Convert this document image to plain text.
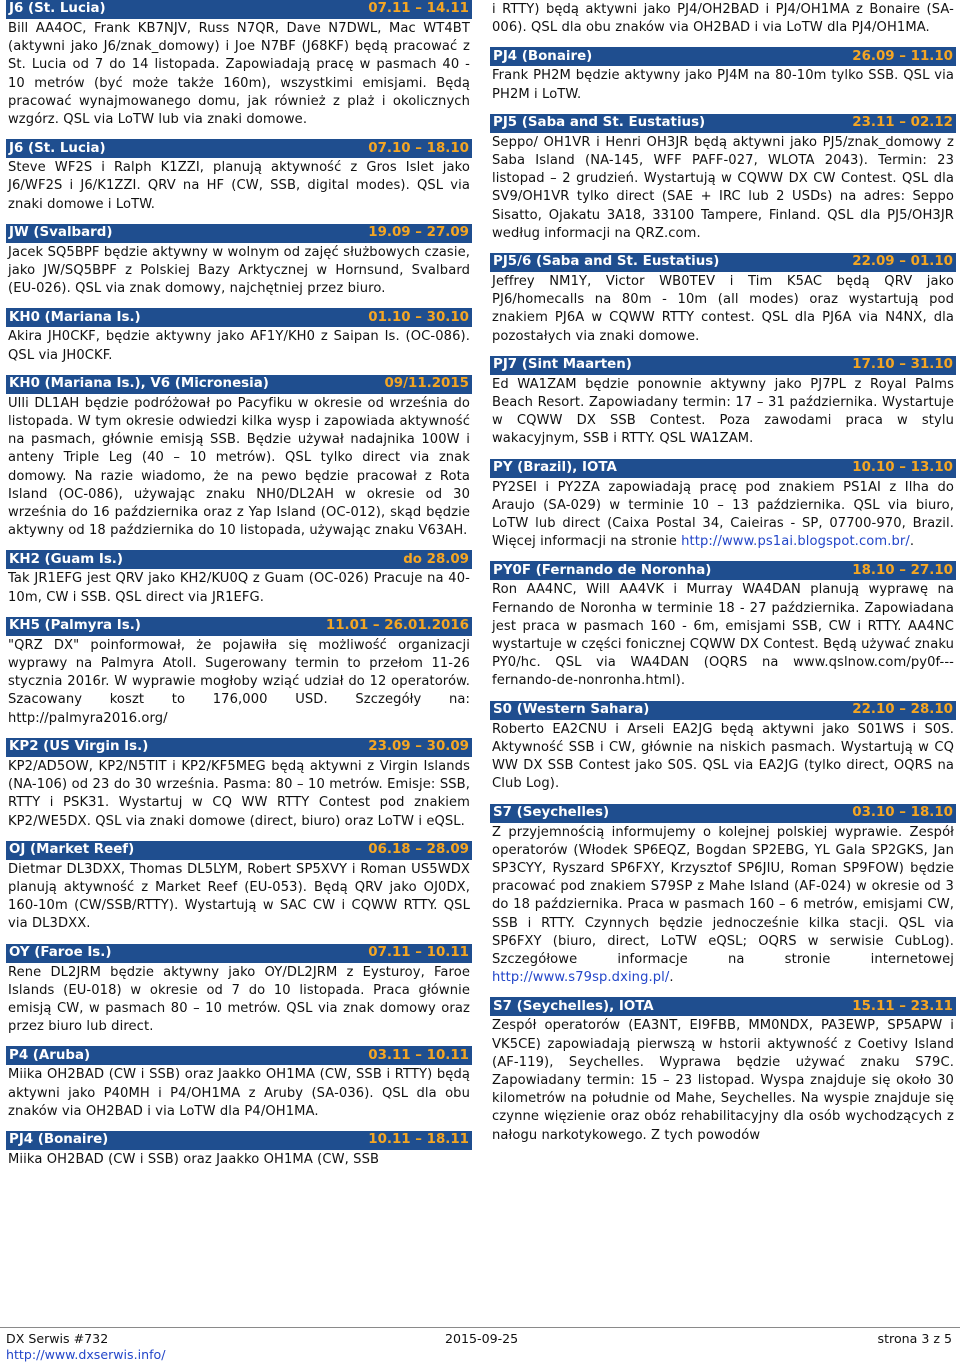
J6 (St. Lucia)	07.11 – 14.11
Bill AA4OC, Frank KB7NJV, Russ N7QR, Dave N7DWL, Mac WT4BT (aktywni jako J6/znak_domowy) i Joe N7BF (J68KF) będą pracować z St. Lucia od 7 do 14 listopada. Zapowiadają pracę w pasmach 40 - 10 metrów (być może także 160m), wszystkimi emisjami. Będą pracować wynajmowanego domu, jak również z plaż i okolicznych wzgórz. QSL via LoTW lub via znaki domowe.
J6 (St. Lucia)	07.10 – 18.10
Steve WF2S i Ralph K1ZZI, planują aktywność z Gros Islet jako J6/WF2S i J6/K1ZZI. QRV na HF (CW, SSB, digital modes). QSL via znaki domowe i LoTW.
JW (Svalbard)	19.09 – 27.09
Jacek SQ5BPF będzie aktywny w wolnym od zajęć służbowych czasie, jako JW/SQ5BPF z Polskiej Bazy Arktycznej w Hornsund, Svalbard (EU-026). QSL via znak domowy, najchętniej przez biuro.
KH0 (Mariana Is.)	01.10 – 30.10
Akira JH0CKF, będzie aktywny jako AF1Y/KH0 z Saipan Is. (OC-086). QSL via JH0CKF.
KH0 (Mariana Is.), V6 (Micronesia)	09/11.2015
Ulli DL1AH będzie podróżował po Pacyfiku w okresie od września do listopada. W tym okresie odwiedzi kilka wysp i zapowiada aktywność na pasmach, głównie emisją SSB. Będzie używał nadajnika 100W i anteny Triple Leg (40 – 10 metrów). QSL tylko direct via znak domowy. Na razie wiadomo, że na pewo będzie pracował z Rota Island (OC-086), używając znaku NH0/DL2AH w okresie od 30 września do 16 października oraz z Yap Island (OC-012), skąd będzie aktywny od 18 października do 10 listopada, używając znaku V63AH.
KH2 (Guam Is.)	do 28.09
Tak JR1EFG jest QRV jako KH2/KU0Q z Guam (OC-026) Pracuje na 40-10m, CW i SSB. QSL direct via JR1EFG.
KH5 (Palmyra Is.)	11.01 – 26.01.2016
"QRZ DX" poinformował, że pojawiła się możliwość organizacji wyprawy na Palmyra Atoll. Sugerowany termin to przełom 11-26 stycznia 2016r. W wyprawie mogłoby wziąć udział do 12 operatorów. Szacowany koszt to 176,000 USD. Szczegóły na: http://palmyra2016.org/
KP2 (US Virgin Is.)	23.09 – 30.09
KP2/AD5OW, KP2/N5TIT i KP2/KF5MEG będą aktywni z Virgin Islands (NA-106) od 23 do 30 września. Pasma: 80 – 10 metrów. Emisje: SSB, RTTY i PSK31. Wystartuj w CQ WW RTTY Contest pod znakiem KP2/WE5DX. QSL via znaki domowe (direct, biuro) oraz LoTW i eQSL.
OJ (Market Reef)	06.18 – 28.09
Dietmar DL3DXX, Thomas DL5LYM, Robert SP5XVY i Roman US5WDX planują aktywność z Market Reef (EU-053). Będą QRV jako OJ0DX, 160-10m (CW/SSB/RTTY). Wystartują w SAC CW i CQWW RTTY. QSL via DL3DXX.
OY (Faroe Is.)	07.11 – 10.11
Rene DL2JRM będzie aktywny jako OY/DL2JRM z Eysturoy, Faroe Islands (EU-018) w okresie od 7 do 10 listopada. Praca głównie emisją CW, w pasmach 80 – 10 metrów. QSL via znak domowy oraz przez biuro lub direct.
P4 (Aruba)	03.11 – 10.11
Miika OH2BAD (CW i SSB) oraz Jaakko OH1MA (CW, SSB i RTTY) będą aktywni jako P40MH i P4/OH1MA z Aruby (SA-036). QSL dla obu znaków via OH2BAD i via LoTW dla P4/OH1MA.
PJ4 (Bonaire)	10.11 – 18.11
Miika OH2BAD (CW i SSB) oraz Jaakko OH1MA (CW, SSB
i RTTY) będą aktywni jako PJ4/OH2BAD i PJ4/OH1MA z Bonaire (SA-006). QSL dla obu znaków via OH2BAD i via LoTW dla PJ4/OH1MA.
PJ4 (Bonaire)	26.09 – 11.10
Frank PH2M będzie aktywny jako PJ4M na 80-10m tylko SSB. QSL via PH2M i LoTW.
PJ5 (Saba and St. Eustatius)	23.11 – 02.12
Seppo/ OH1VR i Henri OH3JR będą aktywni jako PJ5/znak_domowy z Saba Island (NA-145, WFF PAFF-027, WLOTA 2043). Termin: 23 listopad – 2 grudzień. Wystartują w CQWW DX CW Contest. QSL dla SV9/OH1VR tylko direct (SAE + IRC lub 2 USDs) na adres: Seppo Sisatto, Ojakatu 3A18, 33100 Tampere, Finland. QSL dla PJ5/OH3JR według informacji na QRZ.com.
PJ5/6 (Saba and St. Eustatius)	22.09 – 01.10
Jeffrey NM1Y, Victor WB0TEV i Tim K5AC będą QRV jako PJ6/homecalls na 80m - 10m (all modes) oraz wystartują pod znakiem PJ6A w CQWW RTTY contest. QSL dla PJ6A via N4NX, dla pozostałych via znaki domowe.
PJ7 (Sint Maarten)	17.10 – 31.10
Ed WA1ZAM będzie ponownie aktywny jako PJ7PL z Royal Palms Beach Resort. Zapowiadany termin: 17 – 31 października. Wystartuje w CQWW DX SSB Contest. Poza zawodami praca w stylu wakacyjnym, SSB i RTTY. QSL WA1ZAM.
PY (Brazil), IOTA	10.10 – 13.10
PY2SEI i PY2ZA zapowiadają pracę pod znakiem PS1AI z Ilha do Araujo (SA-029) w terminie 10 – 13 października. QSL via biuro, LoTW lub direct (Caixa Postal 34, Caieiras - SP, 07700-970, Brazil. Więcej informacji na stronie http://www.ps1ai.blogspot.com.br/.
PY0F (Fernando de Noronha)	18.10 – 27.10
Ron AA4NC, Will AA4VK i Murray WA4DAN planują wyprawę na Fernando de Noronha w terminie 18 - 27 października. Zapowiadana jest praca w pasmach 160 - 6m, emisjami SSB, CW i RTTY. AA4NC wystartuje w części fonicznej CQWW DX Contest. Będą używać znaku PY0/hc. QSL via WA4DAN (OQRS na www.qslnow.com/py0f---fernando-de-nonronha.html).
S0 (Western Sahara)	22.10 – 28.10
Roberto EA2CNU i Arseli EA2JG będą aktywni jako S01WS i S0S. Aktywność SSB i CW, głównie na niskich pasmach. Wystartują w CQ WW DX SSB Contest jako S0S. QSL via EA2JG (tylko direct, OQRS na Club Log).
S7 (Seychelles)	03.10 – 18.10
Z przyjemnością informujemy o kolejnej polskiej wyprawie. Zespół operatorów (Włodek SP6EQZ, Bogdan SP2EBG, YL Gala SP2GKS, Jan SP3CYY, Ryszard SP6FXY, Krzysztof SP6JIU, Roman SP9FOW) będzie pracować pod znakiem S79SP z Mahe Island (AF-024) w okresie od 3 do 18 października. Praca w pasmach 160 – 6 metrów, emisjami CW, SSB i RTTY. Czynnych będzie jednocześnie kilka stacji. QSL via SP6FXY (biuro, direct, LoTW eQSL; OQRS w serwisie CubLog). Szczegółowe informacje na stronie internetowej http://www.s79sp.dxing.pl/.
S7 (Seychelles), IOTA	15.11 – 23.11
Zespół operatorów (EA3NT, EI9FBB, MM0NDX, PA3EWP, SP5APW i VK5CE) zapowiadają pierwszą w hstorii aktywność z Coetivy Island (AF-119), Seychelles. Wyprawa będzie używać znaku S79C. Zapowiadany termin: 15 – 23 listopad. Wyspa znajduje się około 30 kilometrów na południe od Mahe, Seychelles. Na wyspie znajduje się czynne więzienie oraz obóz rehabilitacyjny dla osób wychodzących z nałogu narkotykowego. Z tych powodów
DX Serwis #732
http://www.dxserwis.info/
2015-09-25	strona 3 z 5
